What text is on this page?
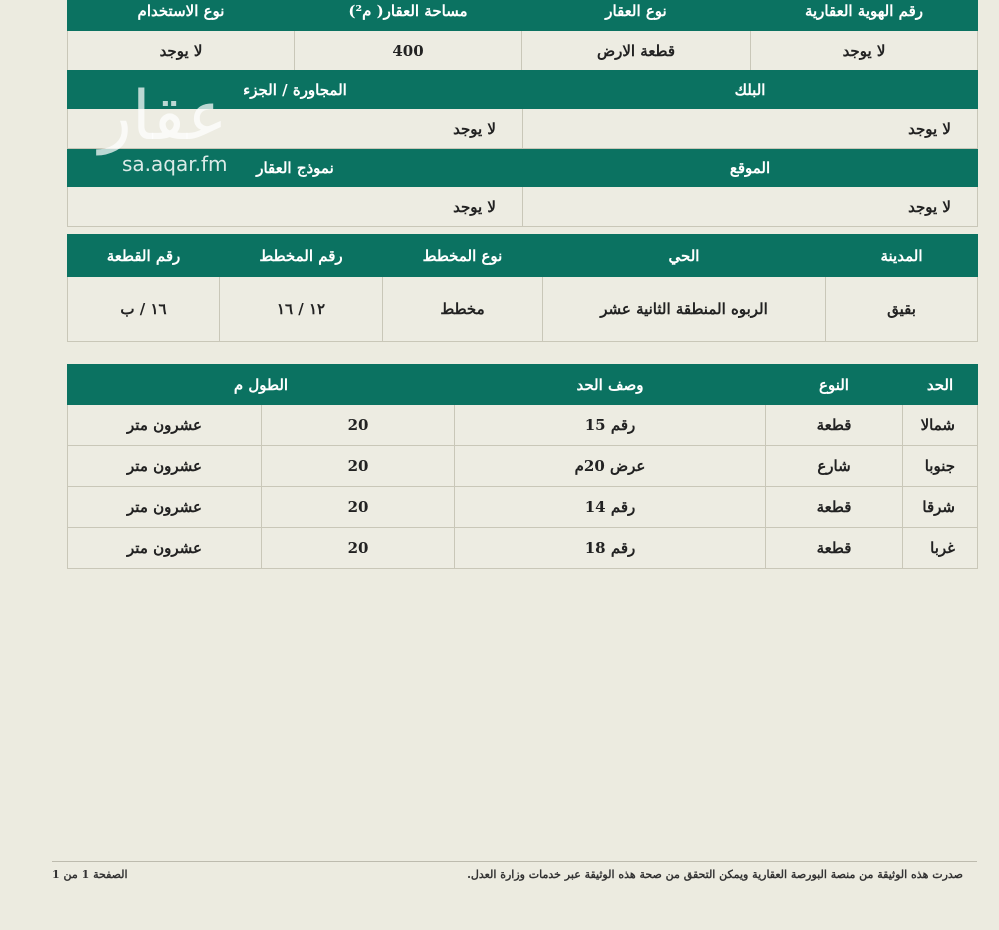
رقم الهوية العقارية	نوع العقار	مساحة العقار( م²)	نوع الاستخدام
لا يوجد	قطعة الارض	400	لا يوجد
البلك	المجاورة / الجزء
لا يوجد	لا يوجد
الموقع	نموذج العقار
لا يوجد	لا يوجد
المدينة	الحي	نوع المخطط	رقم المخطط	رقم القطعة
بقيق	الربوه المنطقة الثانية عشر	مخطط	١٢ / ١٦	١٦ / ب
الحد	النوع	وصف الحد	الطول م	
شمالا	قطعة	رقم 15	20	عشرون متر
جنوبا	شارع	عرض 20م	20	عشرون متر
شرقا	قطعة	رقم 14	20	عشرون متر
غربا	قطعة	رقم 18	20	عشرون متر
عقار
sa.aqar.fm
صدرت هذه الوثيقة من منصة البورصة العقارية ويمكن التحقق من صحة هذه الوثيقة عبر خدمات وزارة العدل.
الصفحة 1 من 1
